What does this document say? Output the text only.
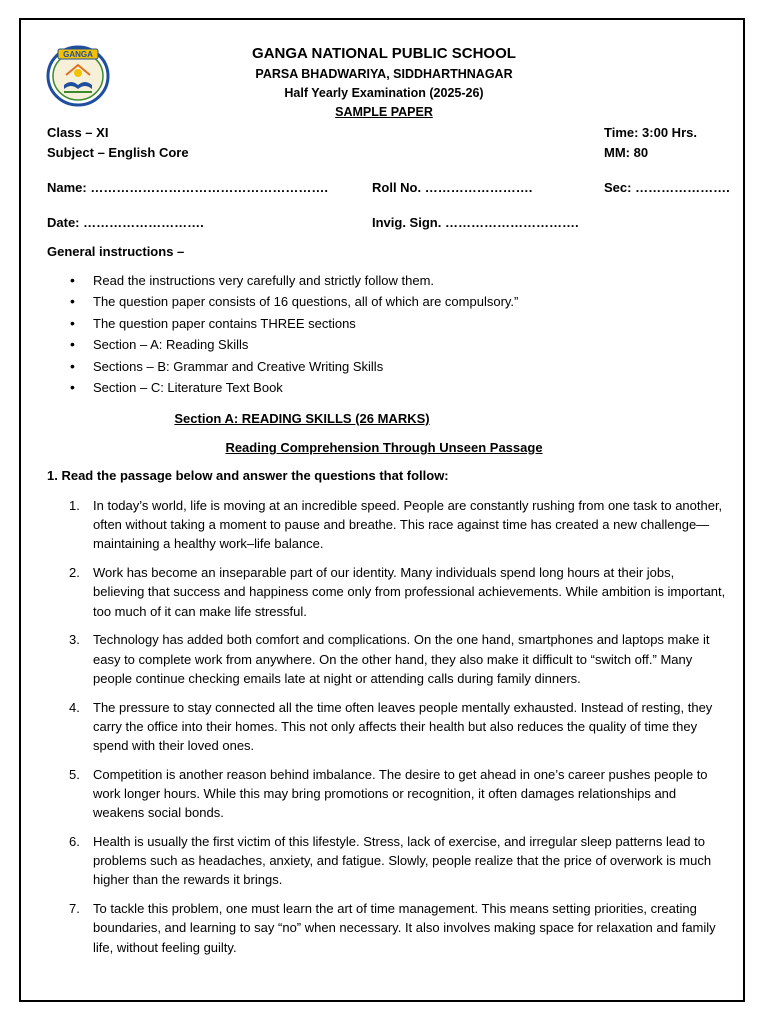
GANGA	GANGA NATIONAL PUBLIC SCHOOL
PARSA BHADWARIYA, SIDDHARTHNAGAR
Half Yearly Examination (2025-26)
SAMPLE PAPER
Class – XI	Time: 3:00 Hrs.
Subject – English Core	MM: 80
Name: ……………………………………………….	Roll No. …………………….	Sec: ………………….
Date: ……………………….	Invig. Sign. ………………………….
General instructions –
• Read the instructions very carefully and strictly follow them.
• The question paper consists of 16 questions, all of which are compulsory.”
• The question paper contains THREE sections
• Section – A: Reading Skills
• Sections – B: Grammar and Creative Writing Skills
• Section – C: Literature Text Book
Section A: READING SKILLS (26 MARKS)
Reading Comprehension Through Unseen Passage
1. Read the passage below and answer the questions that follow:
1. In today’s world, life is moving at an incredible speed. People are constantly rushing from one task to another, often without taking a moment to pause and breathe. This race against time has created a new challenge—maintaining a healthy work–life balance.
2. Work has become an inseparable part of our identity. Many individuals spend long hours at their jobs, believing that success and happiness come only from professional achievements. While ambition is important, too much of it can make life stressful.
3. Technology has added both comfort and complications. On the one hand, smartphones and laptops make it easy to complete work from anywhere. On the other hand, they also make it difficult to “switch off.” Many people continue checking emails late at night or attending calls during family dinners.
4. The pressure to stay connected all the time often leaves people mentally exhausted. Instead of resting, they carry the office into their homes. This not only affects their health but also reduces the quality of time they spend with their loved ones.
5. Competition is another reason behind imbalance. The desire to get ahead in one’s career pushes people to work longer hours. While this may bring promotions or recognition, it often damages relationships and weakens social bonds.
6. Health is usually the first victim of this lifestyle. Stress, lack of exercise, and irregular sleep patterns lead to problems such as headaches, anxiety, and fatigue. Slowly, people realize that the price of overwork is much higher than the rewards it brings.
7. To tackle this problem, one must learn the art of time management. This means setting priorities, creating boundaries, and learning to say “no” when necessary. It also involves making space for relaxation and family life, without feeling guilty.
